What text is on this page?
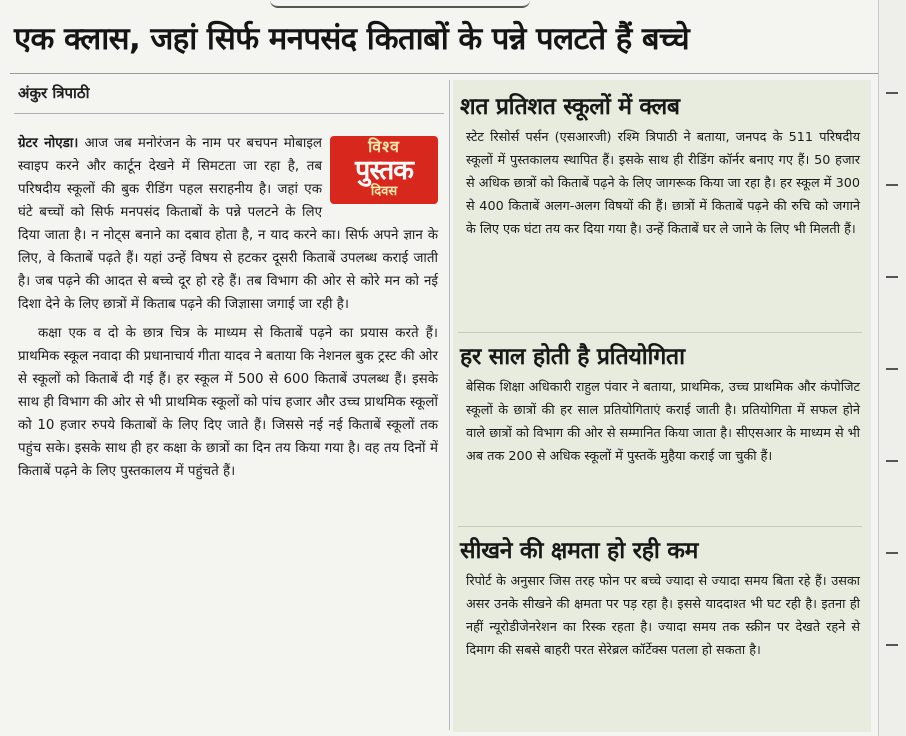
एक क्लास, जहां सिर्फ मनपसंद किताबों के पन्ने पलटते हैं बच्चे
अंकुर त्रिपाठी
विश्व
पुस्तक
दिवस

ग्रेटर नोएडा। आज जब मनोरंजन के नाम पर बचपन मोबाइल स्वाइप करने और कार्टून देखने में सिमटता जा रहा है, तब परिषदीय स्कूलों की बुक रीडिंग पहल सराहनीय है। जहां एक घंटे बच्चों को सिर्फ मनपसंद किताबों के पन्ने पलटने के लिए दिया जाता है। न नोट्स बनाने का दबाव होता है, न याद करने का। सिर्फ अपने ज्ञान के लिए, वे किताबें पढ़ते हैं। यहां उन्हें विषय से हटकर दूसरी किताबें उपलब्ध कराई जाती है। जब पढ़ने की आदत से बच्चे दूर हो रहे हैं। तब विभाग की ओर से कोरे मन को नई दिशा देने के लिए छात्रों में किताब पढ़ने की जिज्ञासा जगाई जा रही है।

कक्षा एक व दो के छात्र चित्र के माध्यम से किताबें पढ़ने का प्रयास करते हैं। प्राथमिक स्कूल नवादा की प्रधानाचार्य गीता यादव ने बताया कि नेशनल बुक ट्रस्ट की ओर से स्कूलों को किताबें दी गई हैं। हर स्कूल में 500 से 600 किताबें उपलब्ध हैं। इसके साथ ही विभाग की ओर से भी प्राथमिक स्कूलों को पांच हजार और उच्च प्राथमिक स्कूलों को 10 हजार रुपये किताबों के लिए दिए जाते हैं। जिससे नई नई किताबें स्कूलों तक पहुंच सके। इसके साथ ही हर कक्षा के छात्रों का दिन तय किया गया है। वह तय दिनों में किताबें पढ़ने के लिए पुस्तकालय में पहुंचते हैं।

शत प्रतिशत स्कूलों में क्लब

स्टेट रिसोर्स पर्सन (एसआरजी) रश्मि त्रिपाठी ने बताया, जनपद के 511 परिषदीय स्कूलों में पुस्तकालय स्थापित हैं। इसके साथ ही रीडिंग कॉर्नर बनाए गए हैं। 50 हजार से अधिक छात्रों को किताबें पढ़ने के लिए जागरूक किया जा रहा है। हर स्कूल में 300 से 400 किताबें अलग-अलग विषयों की हैं। छात्रों में किताबें पढ़ने की रुचि को जगाने के लिए एक घंटा तय कर दिया गया है। उन्हें किताबें घर ले जाने के लिए भी मिलती हैं।

हर साल होती है प्रतियोगिता

बेसिक शिक्षा अधिकारी राहुल पंवार ने बताया, प्राथमिक, उच्च प्राथमिक और कंपोजिट स्कूलों के छात्रों की हर साल प्रतियोगिताएं कराई जाती है। प्रतियोगिता में सफल होने वाले छात्रों को विभाग की ओर से सम्मानित किया जाता है। सीएसआर के माध्यम से भी अब तक 200 से अधिक स्कूलों में पुस्तकें मुहैया कराई जा चुकी हैं।

सीखने की क्षमता हो रही कम

रिपोर्ट के अनुसार जिस तरह फोन पर बच्चे ज्यादा से ज्यादा समय बिता रहे हैं। उसका असर उनके सीखने की क्षमता पर पड़ रहा है। इससे याददाश्त भी घट रही है। इतना ही नहीं न्यूरोडीजेनरेशन का रिस्क रहता है। ज्यादा समय तक स्क्रीन पर देखते रहने से दिमाग की सबसे बाहरी परत सेरेब्रल कॉर्टेक्स पतला हो सकता है।
